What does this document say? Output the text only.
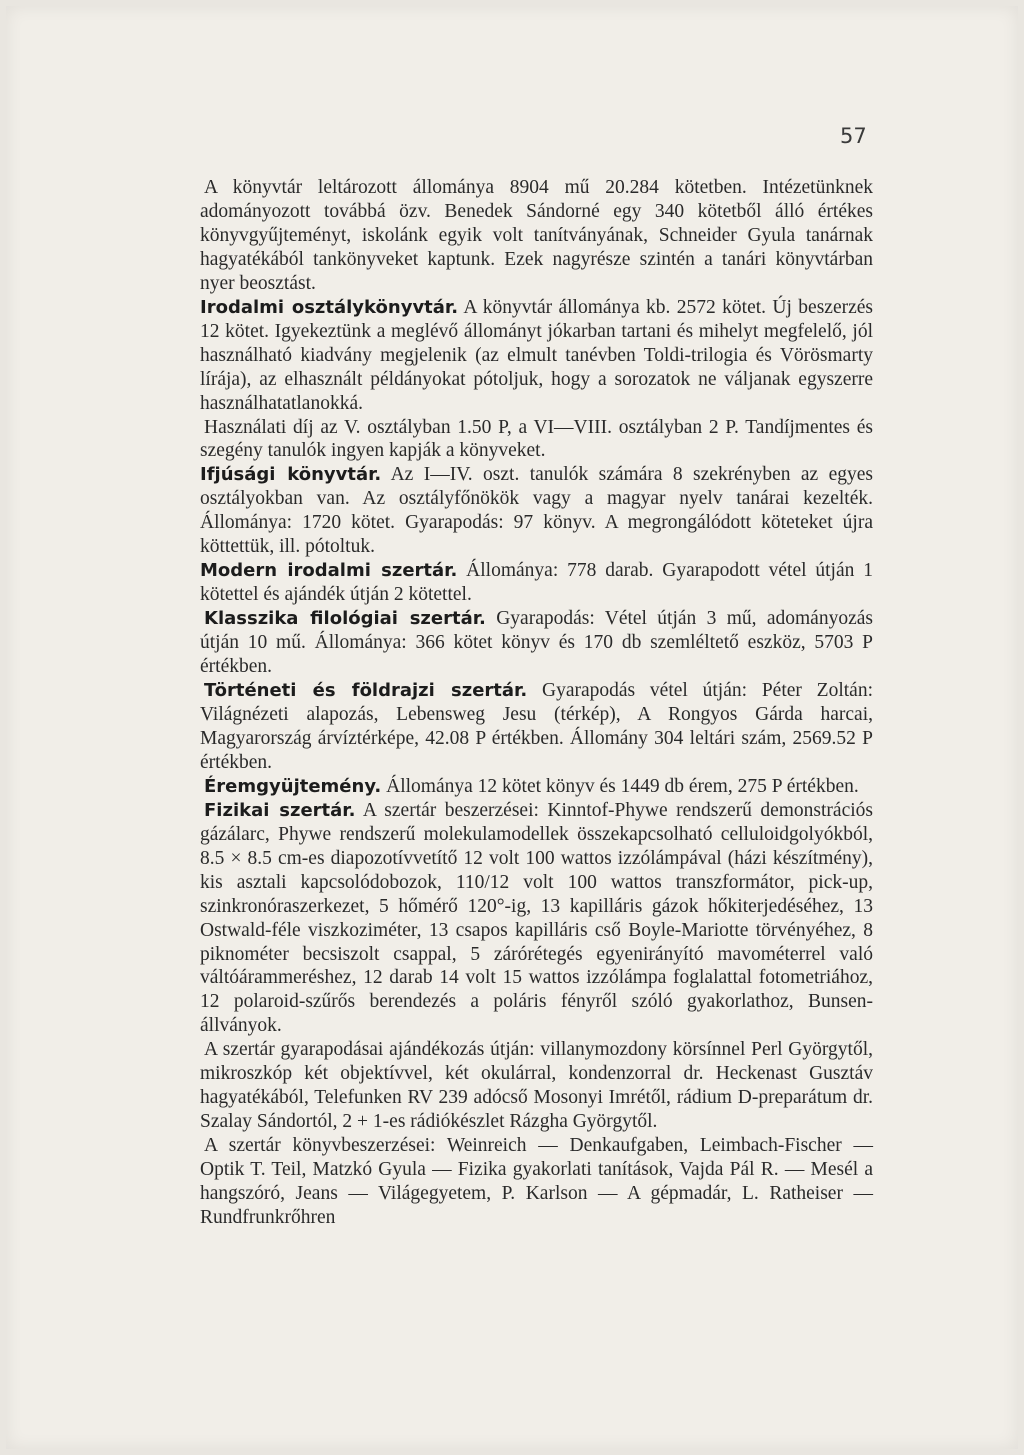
57

A könyvtár leltározott állománya 8904 mű 20.284 kötetben. Intézetünknek adományozott továbbá özv. Benedek Sándorné egy 340 kötetből álló értékes könyvgyűjteményt, iskolánk egyik volt tanítványának, Schneider Gyula tanárnak hagyatékából tankönyveket kaptunk. Ezek nagyrésze szintén a tanári könyvtárban nyer beosztást.

Irodalmi osztálykönyvtár. A könyvtár állománya kb. 2572 kötet. Új beszerzés 12 kötet. Igyekeztünk a meglévő állományt jókarban tartani és mihelyt megfelelő, jól használható kiadvány megjelenik (az elmult tanévben Toldi-trilogia és Vörösmarty lírája), az elhasznált példányokat pótoljuk, hogy a sorozatok ne váljanak egyszerre használhatatlanokká.

Használati díj az V. osztályban 1.50 P, a VI—VIII. osztályban 2 P. Tandíjmentes és szegény tanulók ingyen kapják a könyveket.

Ifjúsági könyvtár. Az I—IV. oszt. tanulók számára 8 szekrényben az egyes osztályokban van. Az osztályfőnökök vagy a magyar nyelv tanárai kezelték. Állománya: 1720 kötet. Gyarapodás: 97 könyv. A megrongálódott köteteket újra köttettük, ill. pótoltuk.

Modern irodalmi szertár. Állománya: 778 darab. Gyarapodott vétel útján 1 kötettel és ajándék útján 2 kötettel.

Klasszika filológiai szertár. Gyarapodás: Vétel útján 3 mű, adományozás útján 10 mű. Állománya: 366 kötet könyv és 170 db szemléltető eszköz, 5703 P értékben.

Történeti és földrajzi szertár. Gyarapodás vétel útján: Péter Zoltán: Világnézeti alapozás, Lebensweg Jesu (térkép), A Rongyos Gárda harcai, Magyarország árvíztérképe, 42.08 P értékben. Állomány 304 leltári szám, 2569.52 P értékben.

Éremgyüjtemény. Állománya 12 kötet könyv és 1449 db érem, 275 P értékben.

Fizikai szertár. A szertár beszerzései: Kinntof-Phywe rendszerű demonstrációs gázálarc, Phywe rendszerű molekulamodellek összekapcsolható celluloidgolyókból, 8.5 × 8.5 cm-es diapozotívvetítő 12 volt 100 wattos izzólámpával (házi készítmény), kis asztali kapcsolódobozok, 110/12 volt 100 wattos transzformátor, pick-up, szinkronóraszerkezet, 5 hőmérő 120°-ig, 13 kapilláris gázok hőkiterjedéséhez, 13 Ostwald-féle viszkoziméter, 13 csapos kapilláris cső Boyle-Mariotte törvényéhez, 8 piknométer becsiszolt csappal, 5 zárórétegés egyenirányító mavométerrel való váltóárammeréshez, 12 darab 14 volt 15 wattos izzólámpa foglalattal fotometriához, 12 polaroid-szűrős berendezés a poláris fényről szóló gyakorlathoz, Bunsen-állványok.

A szertár gyarapodásai ajándékozás útján: villanymozdony körsínnel Perl Györgytől, mikroszkóp két objektívvel, két okulárral, kondenzorral dr. Heckenast Gusztáv hagyatékából, Telefunken RV 239 adócső Mosonyi Imrétől, rádium D-preparátum dr. Szalay Sándortól, 2 + 1-es rádiókészlet Rázgha Györgytől.

A szertár könyvbeszerzései: Weinreich — Denkaufgaben, Leimbach-Fischer — Optik T. Teil, Matzkó Gyula — Fizika gyakorlati tanítások, Vajda Pál R. — Mesél a hangszóró, Jeans — Világegyetem, P. Karlson — A gépmadár, L. Ratheiser — Rundfrunkrőhren
